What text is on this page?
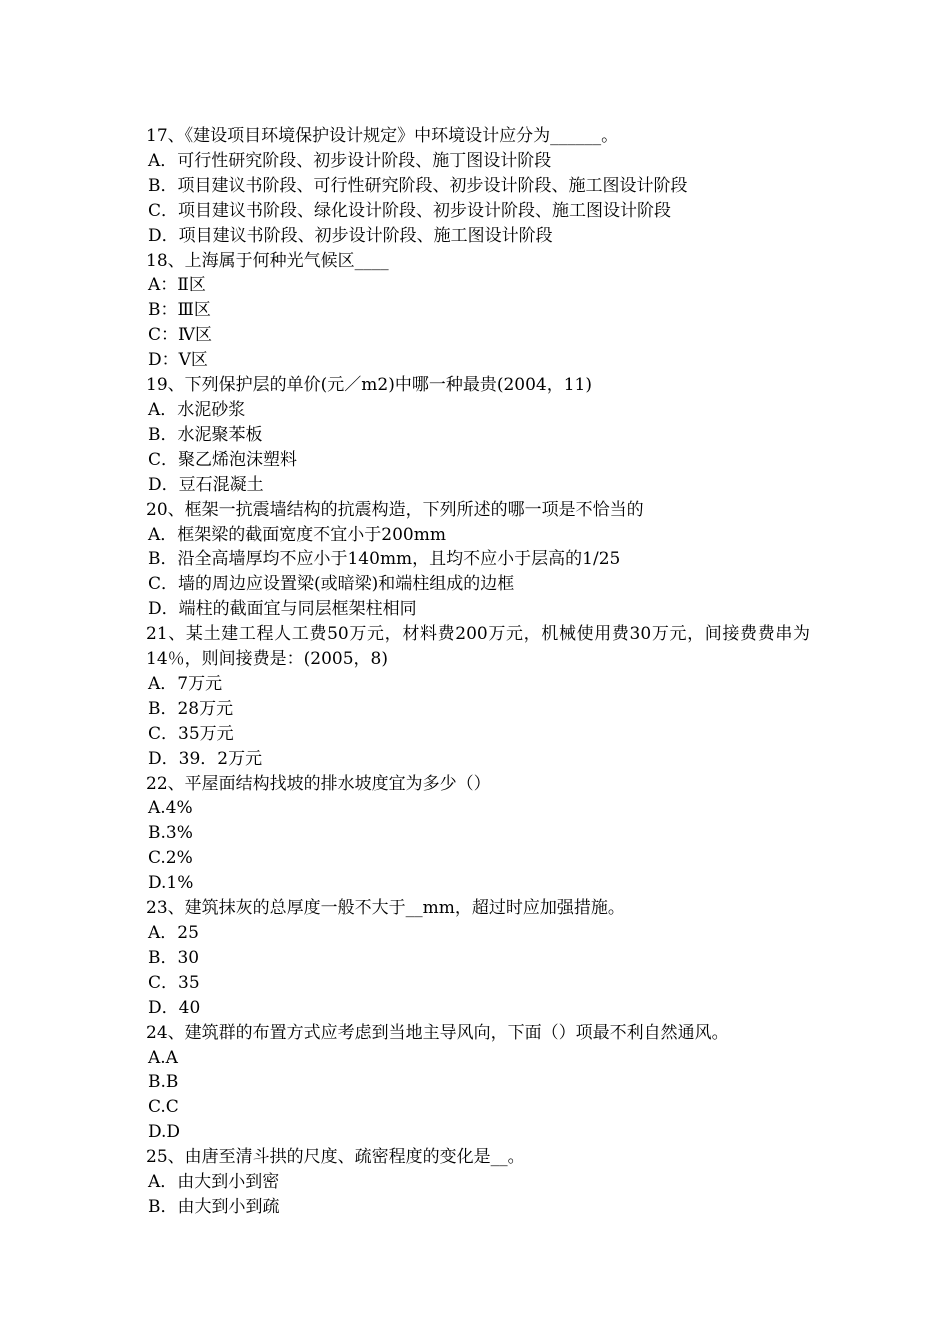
17、《建设项目环境保护设计规定》中环境设计应分为______。

A．可行性研究阶段、初步设计阶段、施丁图设计阶段

B．项目建议书阶段、可行性研究阶段、初步设计阶段、施工图设计阶段

C．项目建议书阶段、绿化设计阶段、初步设计阶段、施工图设计阶段

D．项目建议书阶段、初步设计阶段、施工图设计阶段

18、上海属于何种光气候区____

A：Ⅱ区

B：Ⅲ区

C：Ⅳ区

D：Ⅴ区

19、下列保护层的单价(元／m2)中哪一种最贵(2004，11)

A．水泥砂浆

B．水泥聚苯板

C．聚乙烯泡沫塑料

D．豆石混凝土

20、框架一抗震墙结构的抗震构造，下列所述的哪一项是不恰当的

A．框架梁的截面宽度不宜小于200mm

B．沿全高墙厚均不应小于140mm，且均不应小于层高的1/25

C．墙的周边应设置梁(或暗梁)和端柱组成的边框

D．端柱的截面宜与同层框架柱相同

21、某土建工程人工费50万元，材料费200万元，机械使用费30万元，间接费费串为14％，则间接费是：(2005，8)

A．7万元

B．28万元

C．35万元

D．39．2万元

22、平屋面结构找坡的排水坡度宜为多少（）

A.4%

B.3%

C.2%

D.1%

23、建筑抹灰的总厚度一般不大于__mm，超过时应加强措施。

A．25

B．30

C．35

D．40

24、建筑群的布置方式应考虑到当地主导风向，下面（）项最不利自然通风。

A.A

B.B

C.C

D.D

25、由唐至清斗拱的尺度、疏密程度的变化是__。

A．由大到小到密

B．由大到小到疏
